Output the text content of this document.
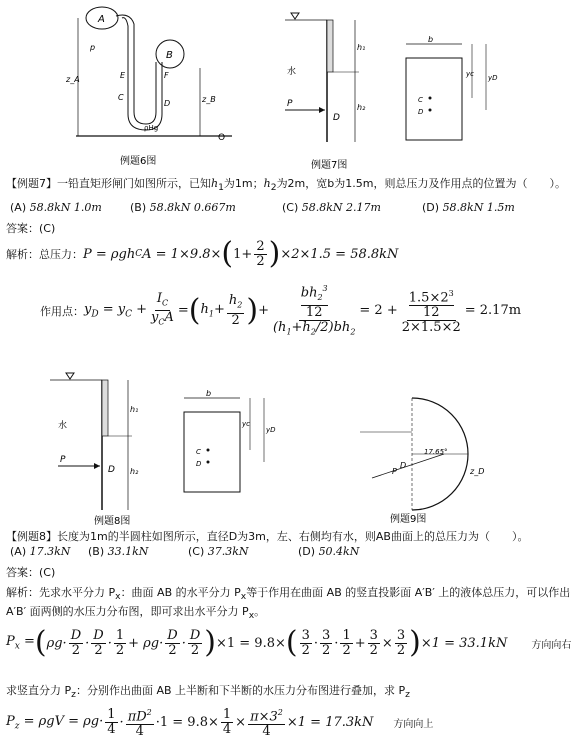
A
B
z_A
z_B
p
C
D
E	F
ρHg
O
例题6图
h₁
h₂
水
P
D
例题7图
b
C
D
yc yD
【例题7】一铅直矩形闸门如图所示，已知$h_1$为1m；$h_2$为2m，宽b为1.5m，则总压力及作用点的位置为（　　）。
(A) 58.8kN 1.0m	(B) 58.8kN 0.667m	(C) 58.8kN 2.17m	(D) 58.8kN 1.5m
答案：(C)
解析：总压力： P = ρgh C A = 1×9.8× ( $1+ \frac{2}{2}$ ) ×2×1.5 = 58.8kN
作用点： $y_D = y_C + \frac{I_C}{y_CA}$ = ( $h_1+ \frac{h_2}{2}$ ) + $bh_2^3$
12
$(h_1+h_2/2)bh_2 = 2 + 1.5\times 2^3$
12
2×1.5×2 = 2.17m
h₁
h₂
水
P
D
例题8图
b
C
D
yc
yD
17.65°
P
D
z_D
例题9图
【例题8】长度为1m的半圆柱如图所示，直径D为3m，左、右侧均有水，则AB曲面上的总压力为（　　）。
(A) 17.3kN	(B) 33.1kN	(C) 37.3kN	(D) 50.4kN
答案：(C)
解析：先求水平分力 $P_x$：曲面 AB 的水平分力 $P_x$等于作用在曲面 AB 的竖直投影面 A′B′ 上的液体总压力，可以作出
A′B′ 面两侧的水压力分布图，即可求出水平分力 $P_x$。
$P_x$ = ( $\rho g\cdot \frac{D}{2} \cdot \frac{D}{2} \cdot \frac{1}{2} + \rho g\cdot \frac{D}{2} \cdot \frac{D}{2}$ ) ×1 = 9.8× ( $\frac{3}{2} \cdot \frac{3}{2} \cdot \frac{1}{2} + \frac{3}{2} \times \frac{3}{2}$ ) ×1 = 33.1kN 方向向右
求竖直分力 $P_z$：分别作出曲面 AB 上半断和下半断的水压力分布图进行叠加，求 $P_z$
$P_z = \rho gV = \rho g\cdot \frac{1}{4} \cdot \frac{\pi D^2}{4} \cdot 1 = 9.8\times \frac{1}{4} \times \frac{\pi\times 3^2}{4} \times 1 = 17.3kN$ 方向向上
